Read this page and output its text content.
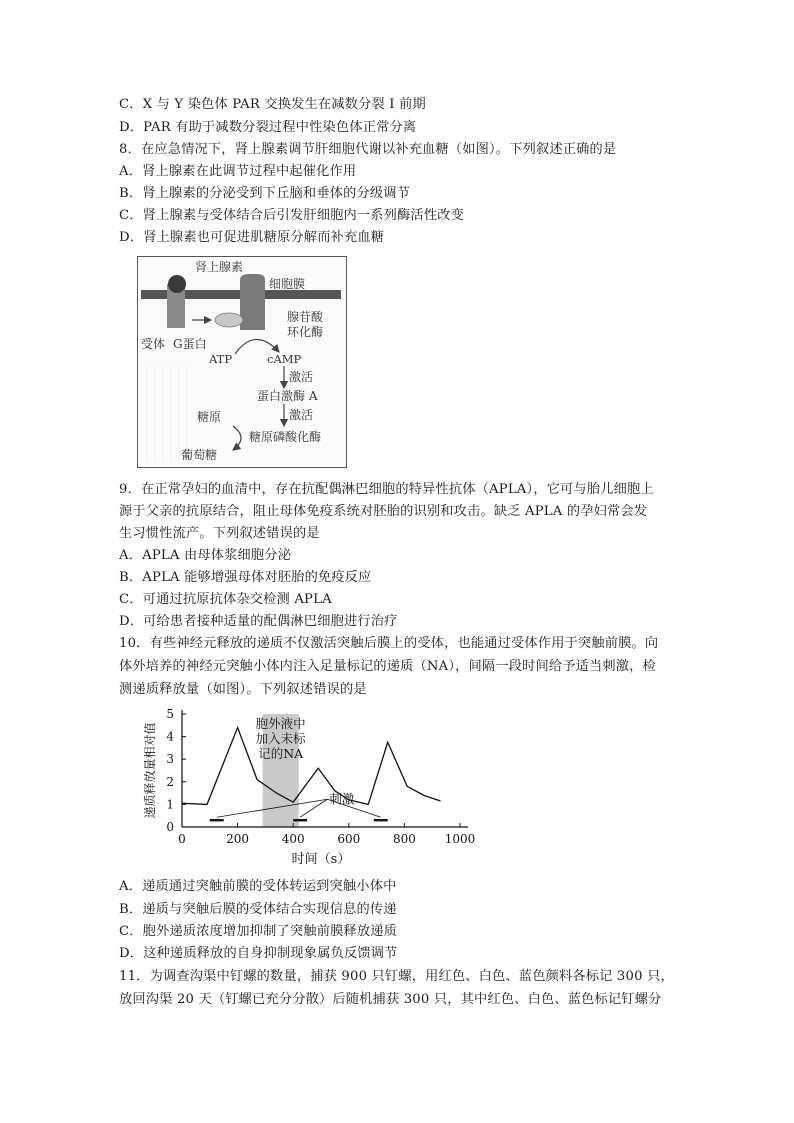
C．X 与 Y 染色体 PAR 交换发生在减数分裂 I 前期
D．PAR 有助于减数分裂过程中性染色体正常分离
8．在应急情况下，肾上腺素调节肝细胞代谢以补充血糖（如图）。下列叙述正确的是
A．肾上腺素在此调节过程中起催化作用
B．肾上腺素的分泌受到下丘脑和垂体的分级调节
C．肾上腺素与受体结合后引发肝细胞内一系列酶活性改变
D．肾上腺素也可促进肌糖原分解而补充血糖
肾上腺素
细胞膜
腺苷酸
环化酶
受体 G蛋白
ATP	cAMP
激活
蛋白激酶 A
激活
糖原
糖原磷酸化酶
葡萄糖
9．在正常孕妇的血清中，存在抗配偶淋巴细胞的特异性抗体（APLA），它可与胎儿细胞上
源于父亲的抗原结合，阻止母体免疫系统对胚胎的识别和攻击。缺乏 APLA 的孕妇常会发
生习惯性流产。下列叙述错误的是
A．APLA 由母体浆细胞分泌
B．APLA 能够增强母体对胚胎的免疫反应
C．可通过抗原抗体杂交检测 APLA
D．可给患者接种适量的配偶淋巴细胞进行治疗
10．有些神经元释放的递质不仅激活突触后膜上的受体，也能通过受体作用于突触前膜。向
体外培养的神经元突触小体内注入足量标记的递质（NA），间隔一段时间给予适当刺激，检
测递质释放量（如图）。下列叙述错误的是
胞外液中
加入未标
记的NA
0
1
2
3
4
5
0	200	400	600	800 1000
刺激
时间（s）
递质释放量相对值
A．递质通过突触前膜的受体转运到突触小体中
B．递质与突触后膜的受体结合实现信息的传递
C．胞外递质浓度增加抑制了突触前膜释放递质
D．这种递质释放的自身抑制现象属负反馈调节
11．为调查沟渠中钉螺的数量，捕获 900 只钉螺，用红色、白色、蓝色颜料各标记 300 只，
放回沟渠 20 天（钉螺已充分分散）后随机捕获 300 只，其中红色、白色、蓝色标记钉螺分
